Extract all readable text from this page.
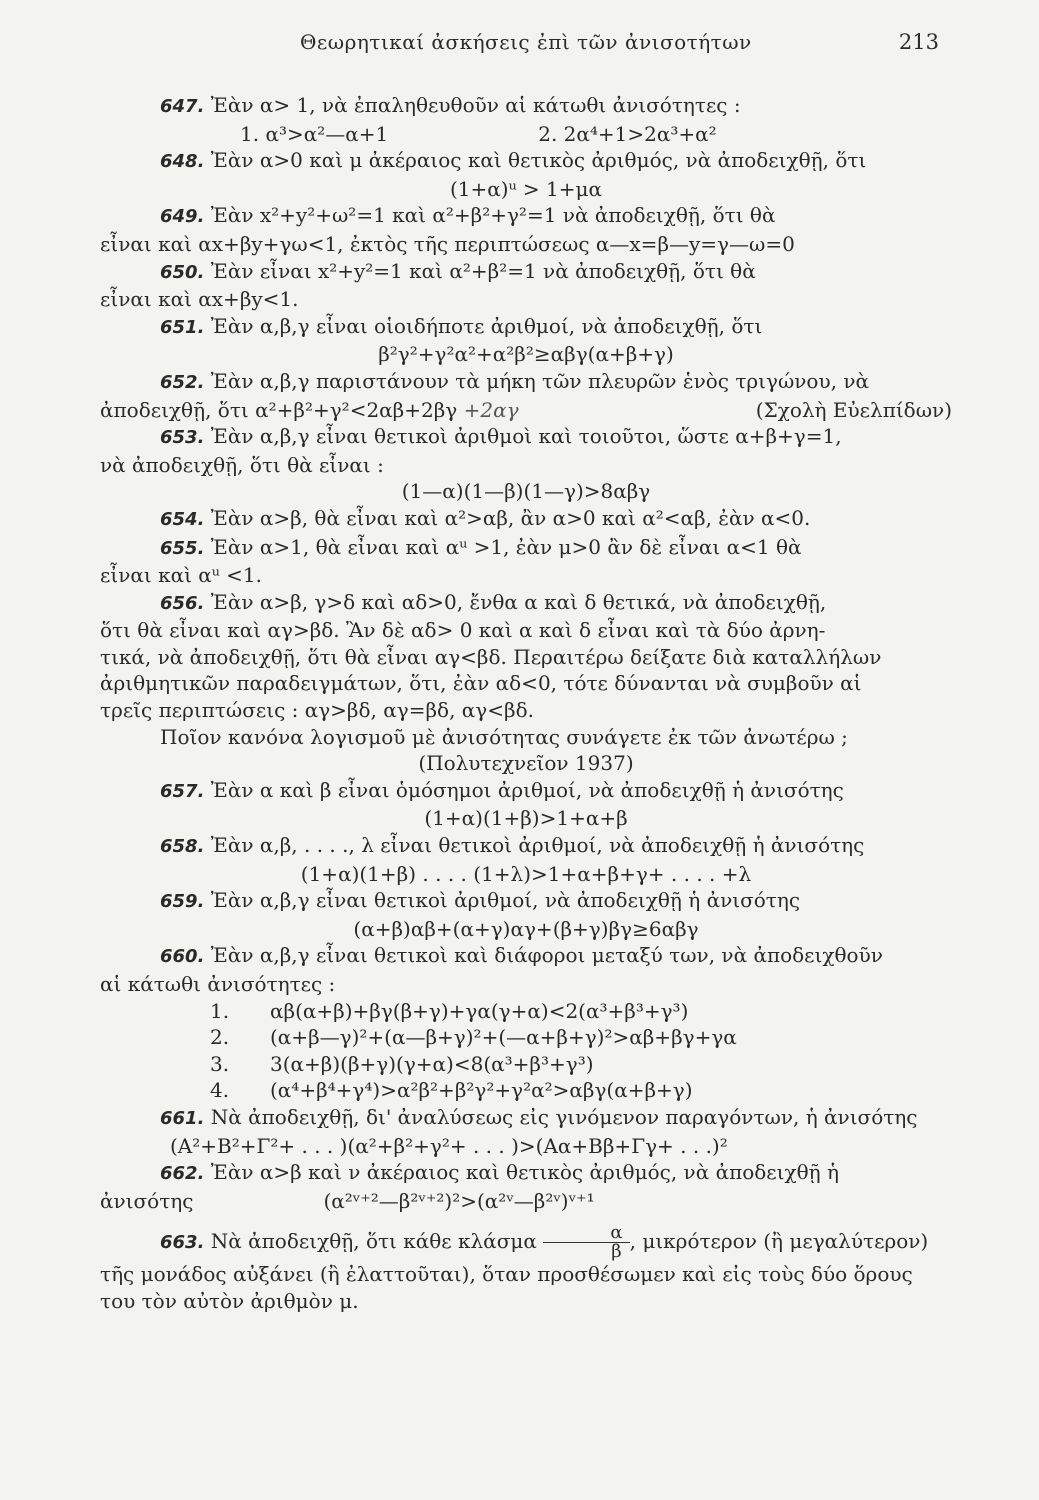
Θεωρητικαί ἀσκήσεις ἐπὶ τῶν ἀνισοτήτων	213

647. Ἐὰν α> 1, νὰ ἐπαληθευθοῦν αἱ κάτωθι ἀνισότητες :

1. α³>α²—α+1	2. 2α⁴+1>2α³+α²

648. Ἐὰν α>0 καὶ μ ἀκέραιος καὶ θετικὸς ἀριθμός, νὰ ἀποδειχθῇ, ὅτι

(1+α)ᵘ > 1+μα

649. Ἐὰν x²+y²+ω²=1 καὶ α²+β²+γ²=1 νὰ ἀποδειχθῇ, ὅτι θὰ

εἶναι καὶ αx+βy+γω<1, ἐκτὸς τῆς περιπτώσεως α—x=β—y=γ—ω=0

650. Ἐὰν εἶναι x²+y²=1 καὶ α²+β²=1 νὰ ἀποδειχθῇ, ὅτι θὰ

εἶναι καὶ αx+βy<1.

651. Ἐὰν α,β,γ εἶναι οἱοιδήποτε ἀριθμοί, νὰ ἀποδειχθῇ, ὅτι

β²γ²+γ²α²+α²β²≥αβγ(α+β+γ)

652. Ἐὰν α,β,γ παριστάνουν τὰ μήκη τῶν πλευρῶν ἑνὸς τριγώνου, νὰ

ἀποδειχθῇ, ὅτι α²+β²+γ²<2αβ+2βγ +2αγ	(Σχολὴ Εὐελπίδων)

653. Ἐὰν α,β,γ εἶναι θετικοὶ ἀριθμοὶ καὶ τοιοῦτοι, ὥστε α+β+γ=1,

νὰ ἀποδειχθῇ, ὅτι θὰ εἶναι :

(1—α)(1—β)(1—γ)>8αβγ

654. Ἐὰν α>β, θὰ εἶναι καὶ α²>αβ, ἂν α>0 καὶ α²<αβ, ἐὰν α<0.

655. Ἐὰν α>1, θὰ εἶναι καὶ αᵘ >1, ἐὰν μ>0 ἂν δὲ εἶναι α<1 θὰ

εἶναι καὶ αᵘ <1.

656. Ἐὰν α>β, γ>δ καὶ αδ>0, ἔνθα α καὶ δ θετικά, νὰ ἀποδειχθῇ,

ὅτι θὰ εἶναι καὶ αγ>βδ. Ἂν δὲ αδ> 0 καὶ α καὶ δ εἶναι καὶ τὰ δύο ἀρνη-

τικά, νὰ ἀποδειχθῇ, ὅτι θὰ εἶναι αγ<βδ. Περαιτέρω δείξατε διὰ καταλλήλων

ἀριθμητικῶν παραδειγμάτων, ὅτι, ἐὰν αδ<0, τότε δύνανται νὰ συμβοῦν αἱ

τρεῖς περιπτώσεις : αγ>βδ, αγ=βδ, αγ<βδ.

Ποῖον κανόνα λογισμοῦ μὲ ἀνισότητας συνάγετε ἐκ τῶν ἀνωτέρω ;

(Πολυτεχνεῖον 1937)

657. Ἐὰν α καὶ β εἶναι ὁμόσημοι ἀριθμοί, νὰ ἀποδειχθῇ ἡ ἀνισότης

(1+α)(1+β)>1+α+β

658. Ἐὰν α,β, . . . ., λ εἶναι θετικοὶ ἀριθμοί, νὰ ἀποδειχθῇ ἡ ἀνισότης

(1+α)(1+β) . . . . (1+λ)>1+α+β+γ+ . . . . +λ

659. Ἐὰν α,β,γ εἶναι θετικοὶ ἀριθμοί, νὰ ἀποδειχθῇ ἡ ἀνισότης

(α+β)αβ+(α+γ)αγ+(β+γ)βγ≥6αβγ

660. Ἐὰν α,β,γ εἶναι θετικοὶ καὶ διάφοροι μεταξύ των, νὰ ἀποδειχθοῦν

αἱ κάτωθι ἀνισότητες :

1. αβ(α+β)+βγ(β+γ)+γα(γ+α)<2(α³+β³+γ³)

2. (α+β—γ)²+(α—β+γ)²+(—α+β+γ)²>αβ+βγ+γα

3. 3(α+β)(β+γ)(γ+α)<8(α³+β³+γ³)

4. (α⁴+β⁴+γ⁴)>α²β²+β²γ²+γ²α²>αβγ(α+β+γ)

661. Νὰ ἀποδειχθῇ, δι' ἀναλύσεως εἰς γινόμενον παραγόντων, ἡ ἀνισότης

(Α²+Β²+Γ²+ . . . )(α²+β²+γ²+ . . . )>(Αα+Ββ+Γγ+ . . .)²

662. Ἐὰν α>β καὶ ν ἀκέραιος καὶ θετικὸς ἀριθμός, νὰ ἀποδειχθῇ ἡ

ἀνισότης	(α²ᵛ⁺²—β²ᵛ⁺²)²>(α²ᵛ—β²ᵛ)ᵛ⁺¹

663. Νὰ ἀποδειχθῇ, ὅτι κάθε κλάσμα $\frac{\alpha}{\beta}$ , μικρότερον (ἢ μεγαλύτερον)

τῆς μονάδος αὐξάνει (ἢ ἐλαττοῦται), ὅταν προσθέσωμεν καὶ εἰς τοὺς δύο ὅρους

του τὸν αὐτὸν ἀριθμὸν μ.
